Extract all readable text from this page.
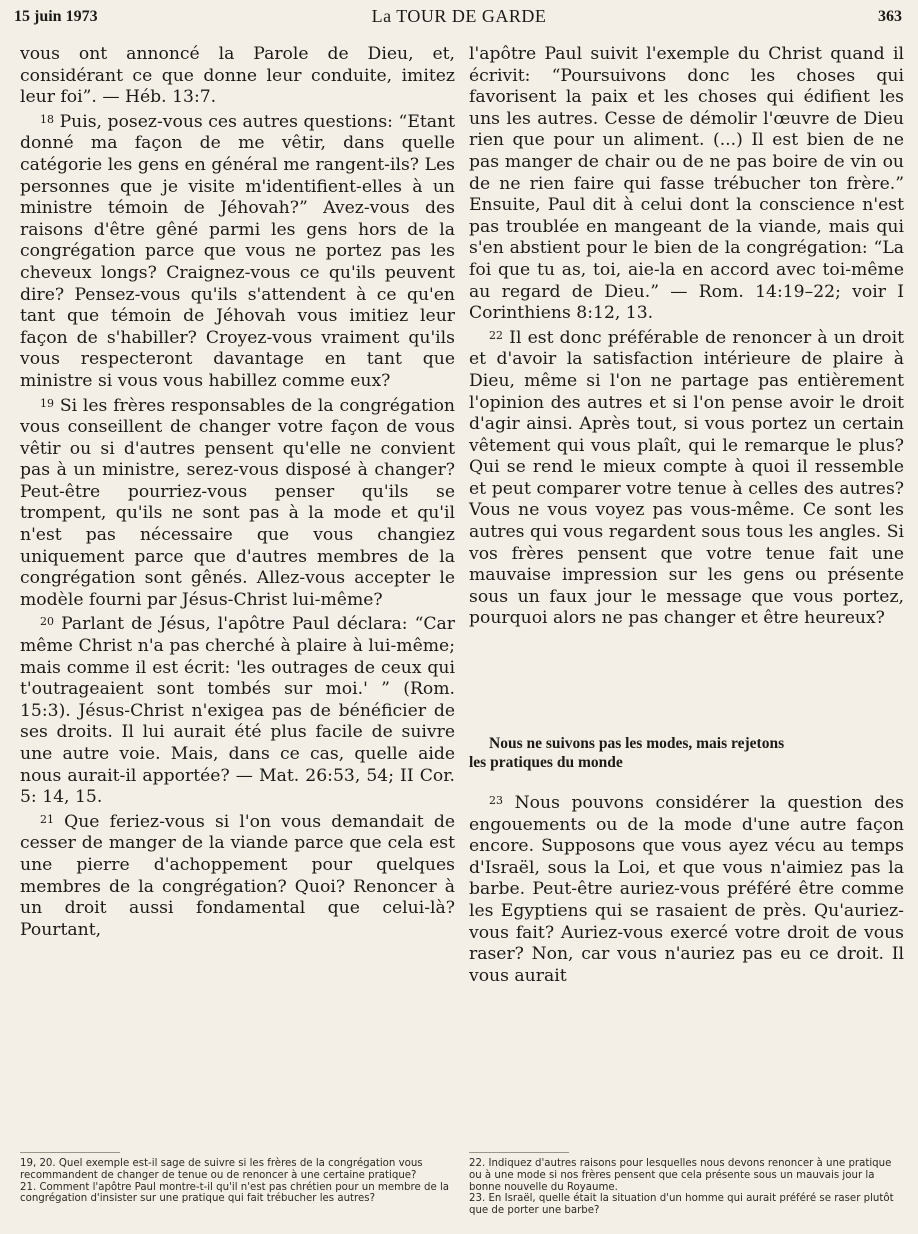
15 juin 1973	La TOUR DE GARDE	363

vous ont annoncé la Parole de Dieu, et, considérant ce que donne leur conduite, imitez leur foi”. — Héb. 13:7.

$^{18}$ Puis, posez-vous ces autres questions: “Etant donné ma façon de me vêtir, dans quelle catégorie les gens en général me rangent-ils? Les personnes que je visite m'identifient-elles à un ministre témoin de Jéhovah?” Avez-vous des raisons d'être gêné parmi les gens hors de la congrégation parce que vous ne portez pas les cheveux longs? Craignez-vous ce qu'ils peuvent dire? Pensez-vous qu'ils s'attendent à ce qu'en tant que témoin de Jéhovah vous imitiez leur façon de s'habiller? Croyez-vous vraiment qu'ils vous respecteront davantage en tant que ministre si vous vous habillez comme eux?

$^{19}$ Si les frères responsables de la congrégation vous conseillent de changer votre façon de vous vêtir ou si d'autres pensent qu'elle ne convient pas à un ministre, serez-vous disposé à changer? Peut-être pourriez-vous penser qu'ils se trompent, qu'ils ne sont pas à la mode et qu'il n'est pas nécessaire que vous changiez uniquement parce que d'autres membres de la congrégation sont gênés. Allez-vous accepter le modèle fourni par Jésus-Christ lui-même?

$^{20}$ Parlant de Jésus, l'apôtre Paul déclara: “Car même Christ n'a pas cherché à plaire à lui-même; mais comme il est écrit: 'les outrages de ceux qui t'outrageaient sont tombés sur moi.' ” (Rom. 15:3). Jésus-Christ n'exigea pas de bénéficier de ses droits. Il lui aurait été plus facile de suivre une autre voie. Mais, dans ce cas, quelle aide nous aurait-il apportée? — Mat. 26:53, 54; II Cor. 5: 14, 15.

$^{21}$ Que feriez-vous si l'on vous demandait de cesser de manger de la viande parce que cela est une pierre d'achoppement pour quelques membres de la congrégation? Quoi? Renoncer à un droit aussi fondamental que celui-là? Pourtant,

l'apôtre Paul suivit l'exemple du Christ quand il écrivit: “Poursuivons donc les choses qui favorisent la paix et les choses qui édifient les uns les autres. Cesse de démolir l'œuvre de Dieu rien que pour un aliment. (...) Il est bien de ne pas manger de chair ou de ne pas boire de vin ou de ne rien faire qui fasse trébucher ton frère.” Ensuite, Paul dit à celui dont la conscience n'est pas troublée en mangeant de la viande, mais qui s'en abstient pour le bien de la congrégation: “La foi que tu as, toi, aie-la en accord avec toi-même au regard de Dieu.” — Rom. 14:19–22; voir I Corinthiens 8:12, 13.

$^{22}$ Il est donc préférable de renoncer à un droit et d'avoir la satisfaction intérieure de plaire à Dieu, même si l'on ne partage pas entièrement l'opinion des autres et si l'on pense avoir le droit d'agir ainsi. Après tout, si vous portez un certain vêtement qui vous plaît, qui le remarque le plus? Qui se rend le mieux compte à quoi il ressemble et peut comparer votre tenue à celles des autres? Vous ne vous voyez pas vous-même. Ce sont les autres qui vous regardent sous tous les angles. Si vos frères pensent que votre tenue fait une mauvaise impression sur les gens ou présente sous un faux jour le message que vous portez, pourquoi alors ne pas changer et être heureux?

Nous ne suivons pas les modes, mais rejetons
les pratiques du monde

$^{23}$ Nous pouvons considérer la question des engouements ou de la mode d'une autre façon encore. Supposons que vous ayez vécu au temps d'Israël, sous la Loi, et que vous n'aimiez pas la barbe. Peut-être auriez-vous préféré être comme les Egyptiens qui se rasaient de près. Qu'auriez-vous fait? Auriez-vous exercé votre droit de vous raser? Non, car vous n'auriez pas eu ce droit. Il vous aurait

19, 20. Quel exemple est-il sage de suivre si les frères de la congrégation vous recommandent de changer de tenue ou de renoncer à une certaine pratique?

21. Comment l'apôtre Paul montre-t-il qu'il n'est pas chrétien pour un membre de la congrégation d'insister sur une pratique qui fait trébucher les autres?

22. Indiquez d'autres raisons pour lesquelles nous devons renoncer à une pratique ou à une mode si nos frères pensent que cela présente sous un mauvais jour la bonne nouvelle du Royaume.

23. En Israël, quelle était la situation d'un homme qui aurait préféré se raser plutôt que de porter une barbe?
